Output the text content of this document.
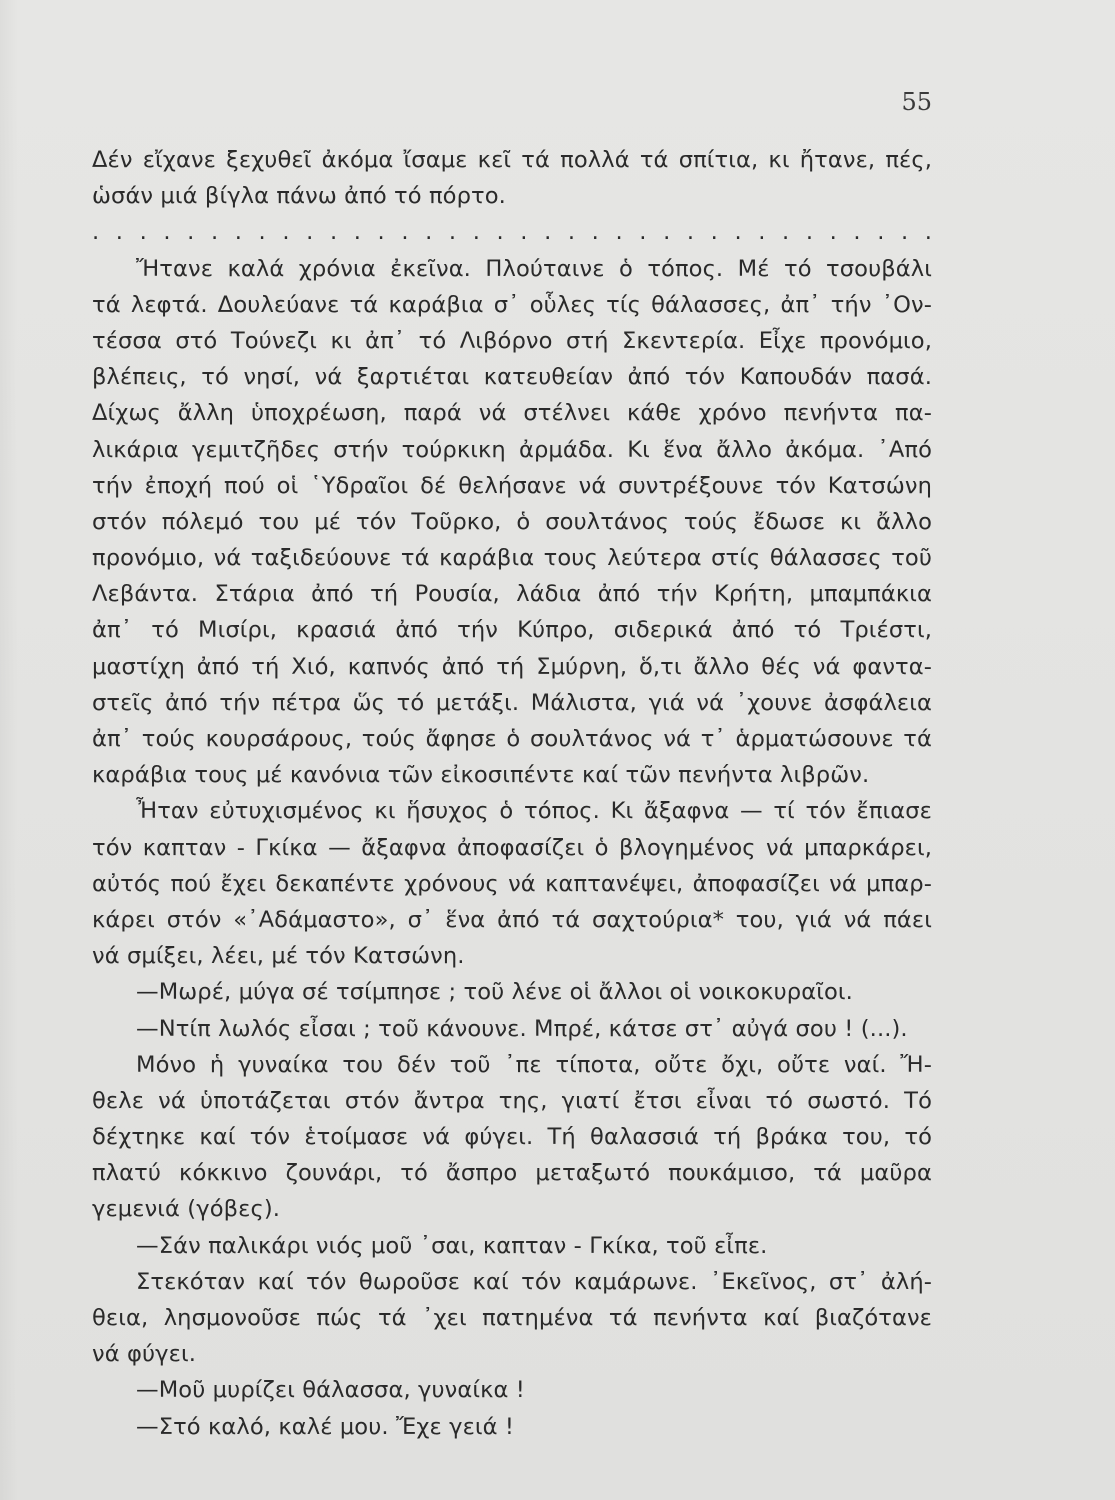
55
Δέν εἴχανε ξεχυθεῖ ἀκόμα ἴσαμε κεῖ τά πολλά τά σπίτια, κι ἤτανε, πές,
ὡσάν μιά βίγλα πάνω ἀπό τό πόρτο.
. . . . . . . . . . . . . . . . . . . . . . . . . . . . . . . . . . . .
Ἤτανε καλά χρόνια ἐκεῖνα. Πλούταινε ὁ τόπος. Μέ τό τσουβάλι
τά λεφτά. Δουλεύανε τά καράβια σ᾽ οὗλες τίς θάλασσες, ἀπ᾽ τήν ᾽Ον-
τέσσα στό Τούνεζι κι ἀπ᾽ τό Λιβόρνο στή Σκεντερία. Εἶχε προνόμιο,
βλέπεις, τό νησί, νά ξαρτιέται κατευθείαν ἀπό τόν Καπουδάν πασά.
Δίχως ἄλλη ὑποχρέωση, παρά νά στέλνει κάθε χρόνο πενήντα πα-
λικάρια γεμιτζῆδες στήν τούρκικη ἀρμάδα. Κι ἕνα ἄλλο ἀκόμα. ᾽Από
τήν ἐποχή πού οἱ ῾Υδραῖοι δέ θελήσανε νά συντρέξουνε τόν Κατσώνη
στόν πόλεμό του μέ τόν Τοῦρκο, ὁ σουλτάνος τούς ἔδωσε κι ἄλλο
προνόμιο, νά ταξιδεύουνε τά καράβια τους λεύτερα στίς θάλασσες τοῦ
Λεβάντα. Στάρια ἀπό τή Ρουσία, λάδια ἀπό τήν Κρήτη, μπαμπάκια
ἀπ᾽ τό Μισίρι, κρασιά ἀπό τήν Κύπρο, σιδερικά ἀπό τό Τριέστι,
μαστίχη ἀπό τή Χιό, καπνός ἀπό τή Σμύρνη, ὅ,τι ἄλλο θές νά φαντα-
στεῖς ἀπό τήν πέτρα ὥς τό μετάξι. Μάλιστα, γιά νά ᾽χουνε ἀσφάλεια
ἀπ᾽ τούς κουρσάρους, τούς ἄφησε ὁ σουλτάνος νά τ᾽ ἁρματώσουνε τά
καράβια τους μέ κανόνια τῶν εἰκοσιπέντε καί τῶν πενήντα λιβρῶν.
Ἦταν εὐτυχισμένος κι ἥσυχος ὁ τόπος. Κι ἄξαφνα — τί τόν ἔπιασε
τόν καπταν - Γκίκα — ἄξαφνα ἀποφασίζει ὁ βλογημένος νά μπαρκάρει,
αὐτός πού ἔχει δεκαπέντε χρόνους νά καπτανέψει, ἀποφασίζει νά μπαρ-
κάρει στόν «᾽Αδάμαστο», σ᾽ ἕνα ἀπό τά σαχτούρια* του, γιά νά πάει
νά σμίξει, λέει, μέ τόν Κατσώνη.
—Μωρέ, μύγα σέ τσίμπησε ; τοῦ λένε οἱ ἄλλοι οἱ νοικοκυραῖοι.
—Ντίπ λωλός εἶσαι ; τοῦ κάνουνε. Μπρέ, κάτσε στ᾽ αὐγά σου ! (...).
Μόνο ἡ γυναίκα του δέν τοῦ ᾽πε τίποτα, οὔτε ὄχι, οὔτε ναί. Ἤ-
θελε νά ὑποτάζεται στόν ἄντρα της, γιατί ἔτσι εἶναι τό σωστό. Τό
δέχτηκε καί τόν ἑτοίμασε νά φύγει. Τή θαλασσιά τή βράκα του, τό
πλατύ κόκκινο ζουνάρι, τό ἄσπρο μεταξωτό πουκάμισο, τά μαῦρα
γεμενιά (γόβες).
—Σάν παλικάρι νιός μοῦ ᾽σαι, καπταν - Γκίκα, τοῦ εἶπε.
Στεκόταν καί τόν θωροῦσε καί τόν καμάρωνε. ᾽Εκεῖνος, στ᾽ ἀλή-
θεια, λησμονοῦσε πώς τά ᾽χει πατημένα τά πενήντα καί βιαζότανε
νά φύγει.
—Μοῦ μυρίζει θάλασσα, γυναίκα !
—Στό καλό, καλέ μου. Ἔχε γειά !
